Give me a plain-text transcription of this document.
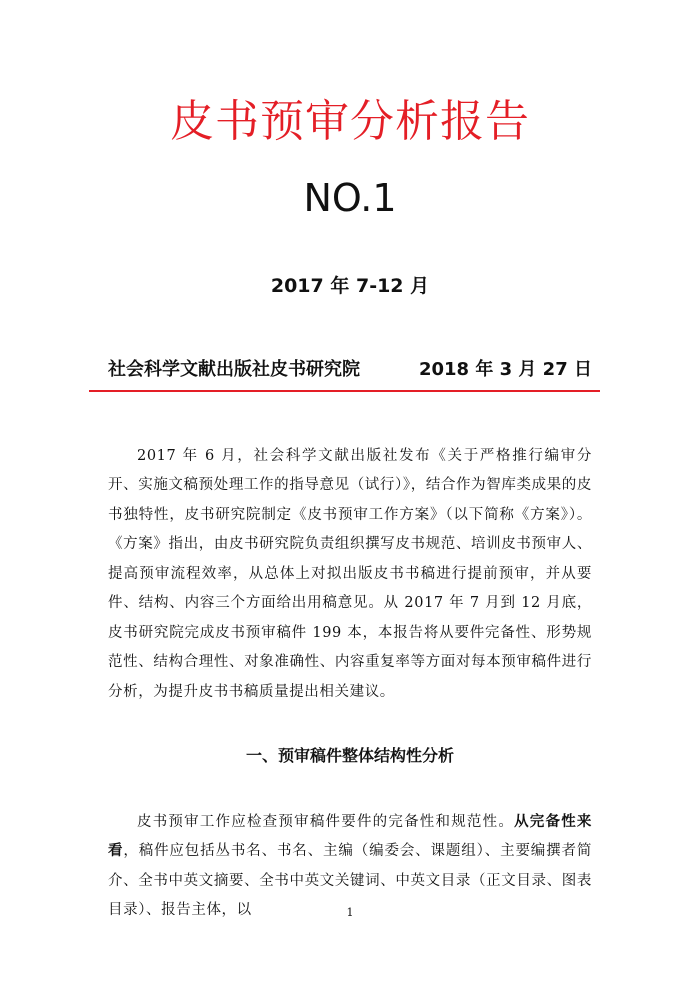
皮书预审分析报告
NO.1
2017 年 7-12 月
社会科学文献出版社皮书研究院	2018 年 3 月 27 日

2017 年 6 月，社会科学文献出版社发布《关于严格推行编审分开、实施文稿预处理工作的指导意见（试行）》，结合作为智库类成果的皮书独特性，皮书研究院制定《皮书预审工作方案》（以下简称《方案》）。《方案》指出，由皮书研究院负责组织撰写皮书规范、培训皮书预审人、提高预审流程效率，从总体上对拟出版皮书书稿进行提前预审，并从要件、结构、内容三个方面给出用稿意见。从 2017 年 7 月到 12 月底，皮书研究院完成皮书预审稿件 199 本，本报告将从要件完备性、形势规范性、结构合理性、对象准确性、内容重复率等方面对每本预审稿件进行分析，为提升皮书书稿质量提出相关建议。

一、预审稿件整体结构性分析

皮书预审工作应检查预审稿件要件的完备性和规范性。从完备性来看，稿件应包括丛书名、书名、主编（编委会、课题组）、主要编撰者简介、全书中英文摘要、全书中英文关键词、中英文目录（正文目录、图表目录）、报告主体，以	1
